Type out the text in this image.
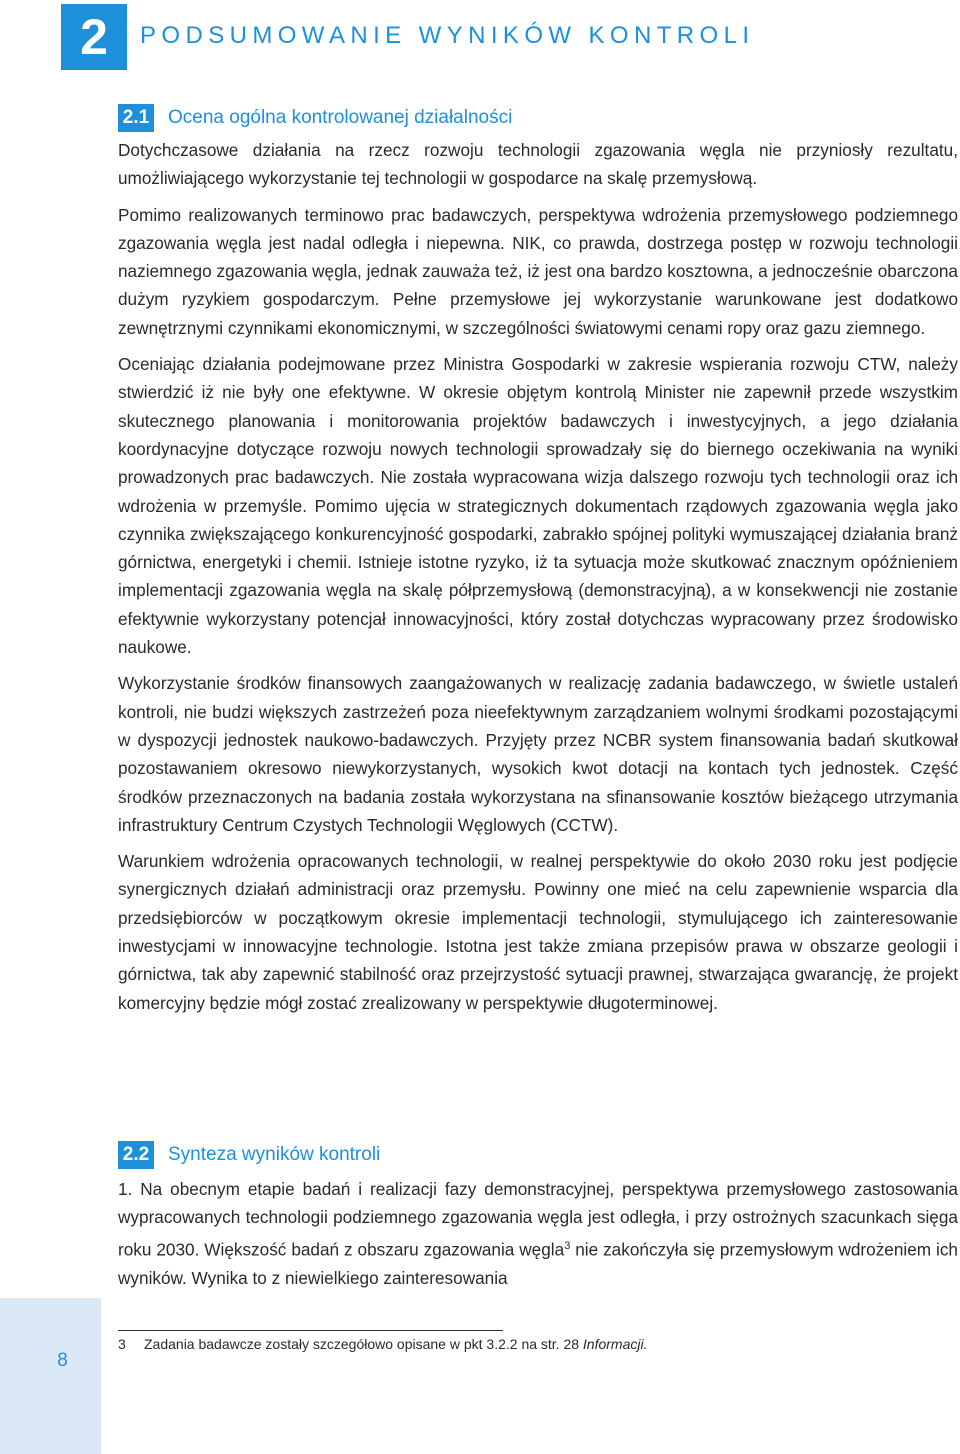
2	PODSUMOWANIE WYNIKÓW KONTROLI
2.1 Ocena ogólna kontrolowanej działalności

Dotychczasowe działania na rzecz rozwoju technologii zgazowania węgla nie przyniosły rezultatu, umożliwiającego wykorzystanie tej technologii w gospodarce na skalę przemysłową.

Pomimo realizowanych terminowo prac badawczych, perspektywa wdrożenia przemysłowego podziemnego zgazowania węgla jest nadal odległa i niepewna. NIK, co prawda, dostrzega postęp w rozwoju technologii naziemnego zgazowania węgla, jednak zauważa też, iż jest ona bardzo kosztowna, a jednocześnie obarczona dużym ryzykiem gospodarczym. Pełne przemysłowe jej wykorzystanie warunkowane jest dodatkowo zewnętrznymi czynnikami ekonomicznymi, w szczególności światowymi cenami ropy oraz gazu ziemnego.

Oceniając działania podejmowane przez Ministra Gospodarki w zakresie wspierania rozwoju CTW, należy stwierdzić iż nie były one efektywne. W okresie objętym kontrolą Minister nie zapewnił przede wszystkim skutecznego planowania i monitorowania projektów badawczych i inwestycyjnych, a jego działania koordynacyjne dotyczące rozwoju nowych technologii sprowadzały się do biernego oczekiwania na wyniki prowadzonych prac badawczych. Nie została wypracowana wizja dalszego rozwoju tych technologii oraz ich wdrożenia w przemyśle. Pomimo ujęcia w strategicznych dokumentach rządowych zgazowania węgla jako czynnika zwiększającego konkurencyjność gospodarki, zabrakło spójnej polityki wymuszającej działania branż górnictwa, energetyki i chemii. Istnieje istotne ryzyko, iż ta sytuacja może skutkować znacznym opóźnieniem implementacji zgazowania węgla na skalę półprzemysłową (demonstracyjną), a w konsekwencji nie zostanie efektywnie wykorzystany potencjał innowacyjności, który został dotychczas wypracowany przez środowisko naukowe.

Wykorzystanie środków finansowych zaangażowanych w realizację zadania badawczego, w świetle ustaleń kontroli, nie budzi większych zastrzeżeń poza nieefektywnym zarządzaniem wolnymi środkami pozostającymi w dyspozycji jednostek naukowo-badawczych. Przyjęty przez NCBR system finansowania badań skutkował pozostawaniem okresowo niewykorzystanych, wysokich kwot dotacji na kontach tych jednostek. Część środków przeznaczonych na badania została wykorzystana na sfinansowanie kosztów bieżącego utrzymania infrastruktury Centrum Czystych Technologii Węglowych (CCTW).

Warunkiem wdrożenia opracowanych technologii, w realnej perspektywie do około 2030 roku jest podjęcie synergicznych działań administracji oraz przemysłu. Powinny one mieć na celu zapewnienie wsparcia dla przedsiębiorców w początkowym okresie implementacji technologii, stymulującego ich zainteresowanie inwestycjami w innowacyjne technologie. Istotna jest także zmiana przepisów prawa w obszarze geologii i górnictwa, tak aby zapewnić stabilność oraz przejrzystość sytuacji prawnej, stwarzająca gwarancję, że projekt komercyjny będzie mógł zostać zrealizowany w perspektywie długoterminowej.

2.2 Synteza wyników kontroli

1. Na obecnym etapie badań i realizacji fazy demonstracyjnej, perspektywa przemysłowego zastosowania wypracowanych technologii podziemnego zgazowania węgla jest odległa, i przy ostrożnych szacunkach sięga roku 2030. Większość badań z obszaru zgazowania węgla$^3$ nie zakończyła się przemysłowym wdrożeniem ich wyników. Wynika to z niewielkiego zainteresowania

3 Zadania badawcze zostały szczegółowo opisane w pkt 3.2.2 na str. 28 Informacji.
8
